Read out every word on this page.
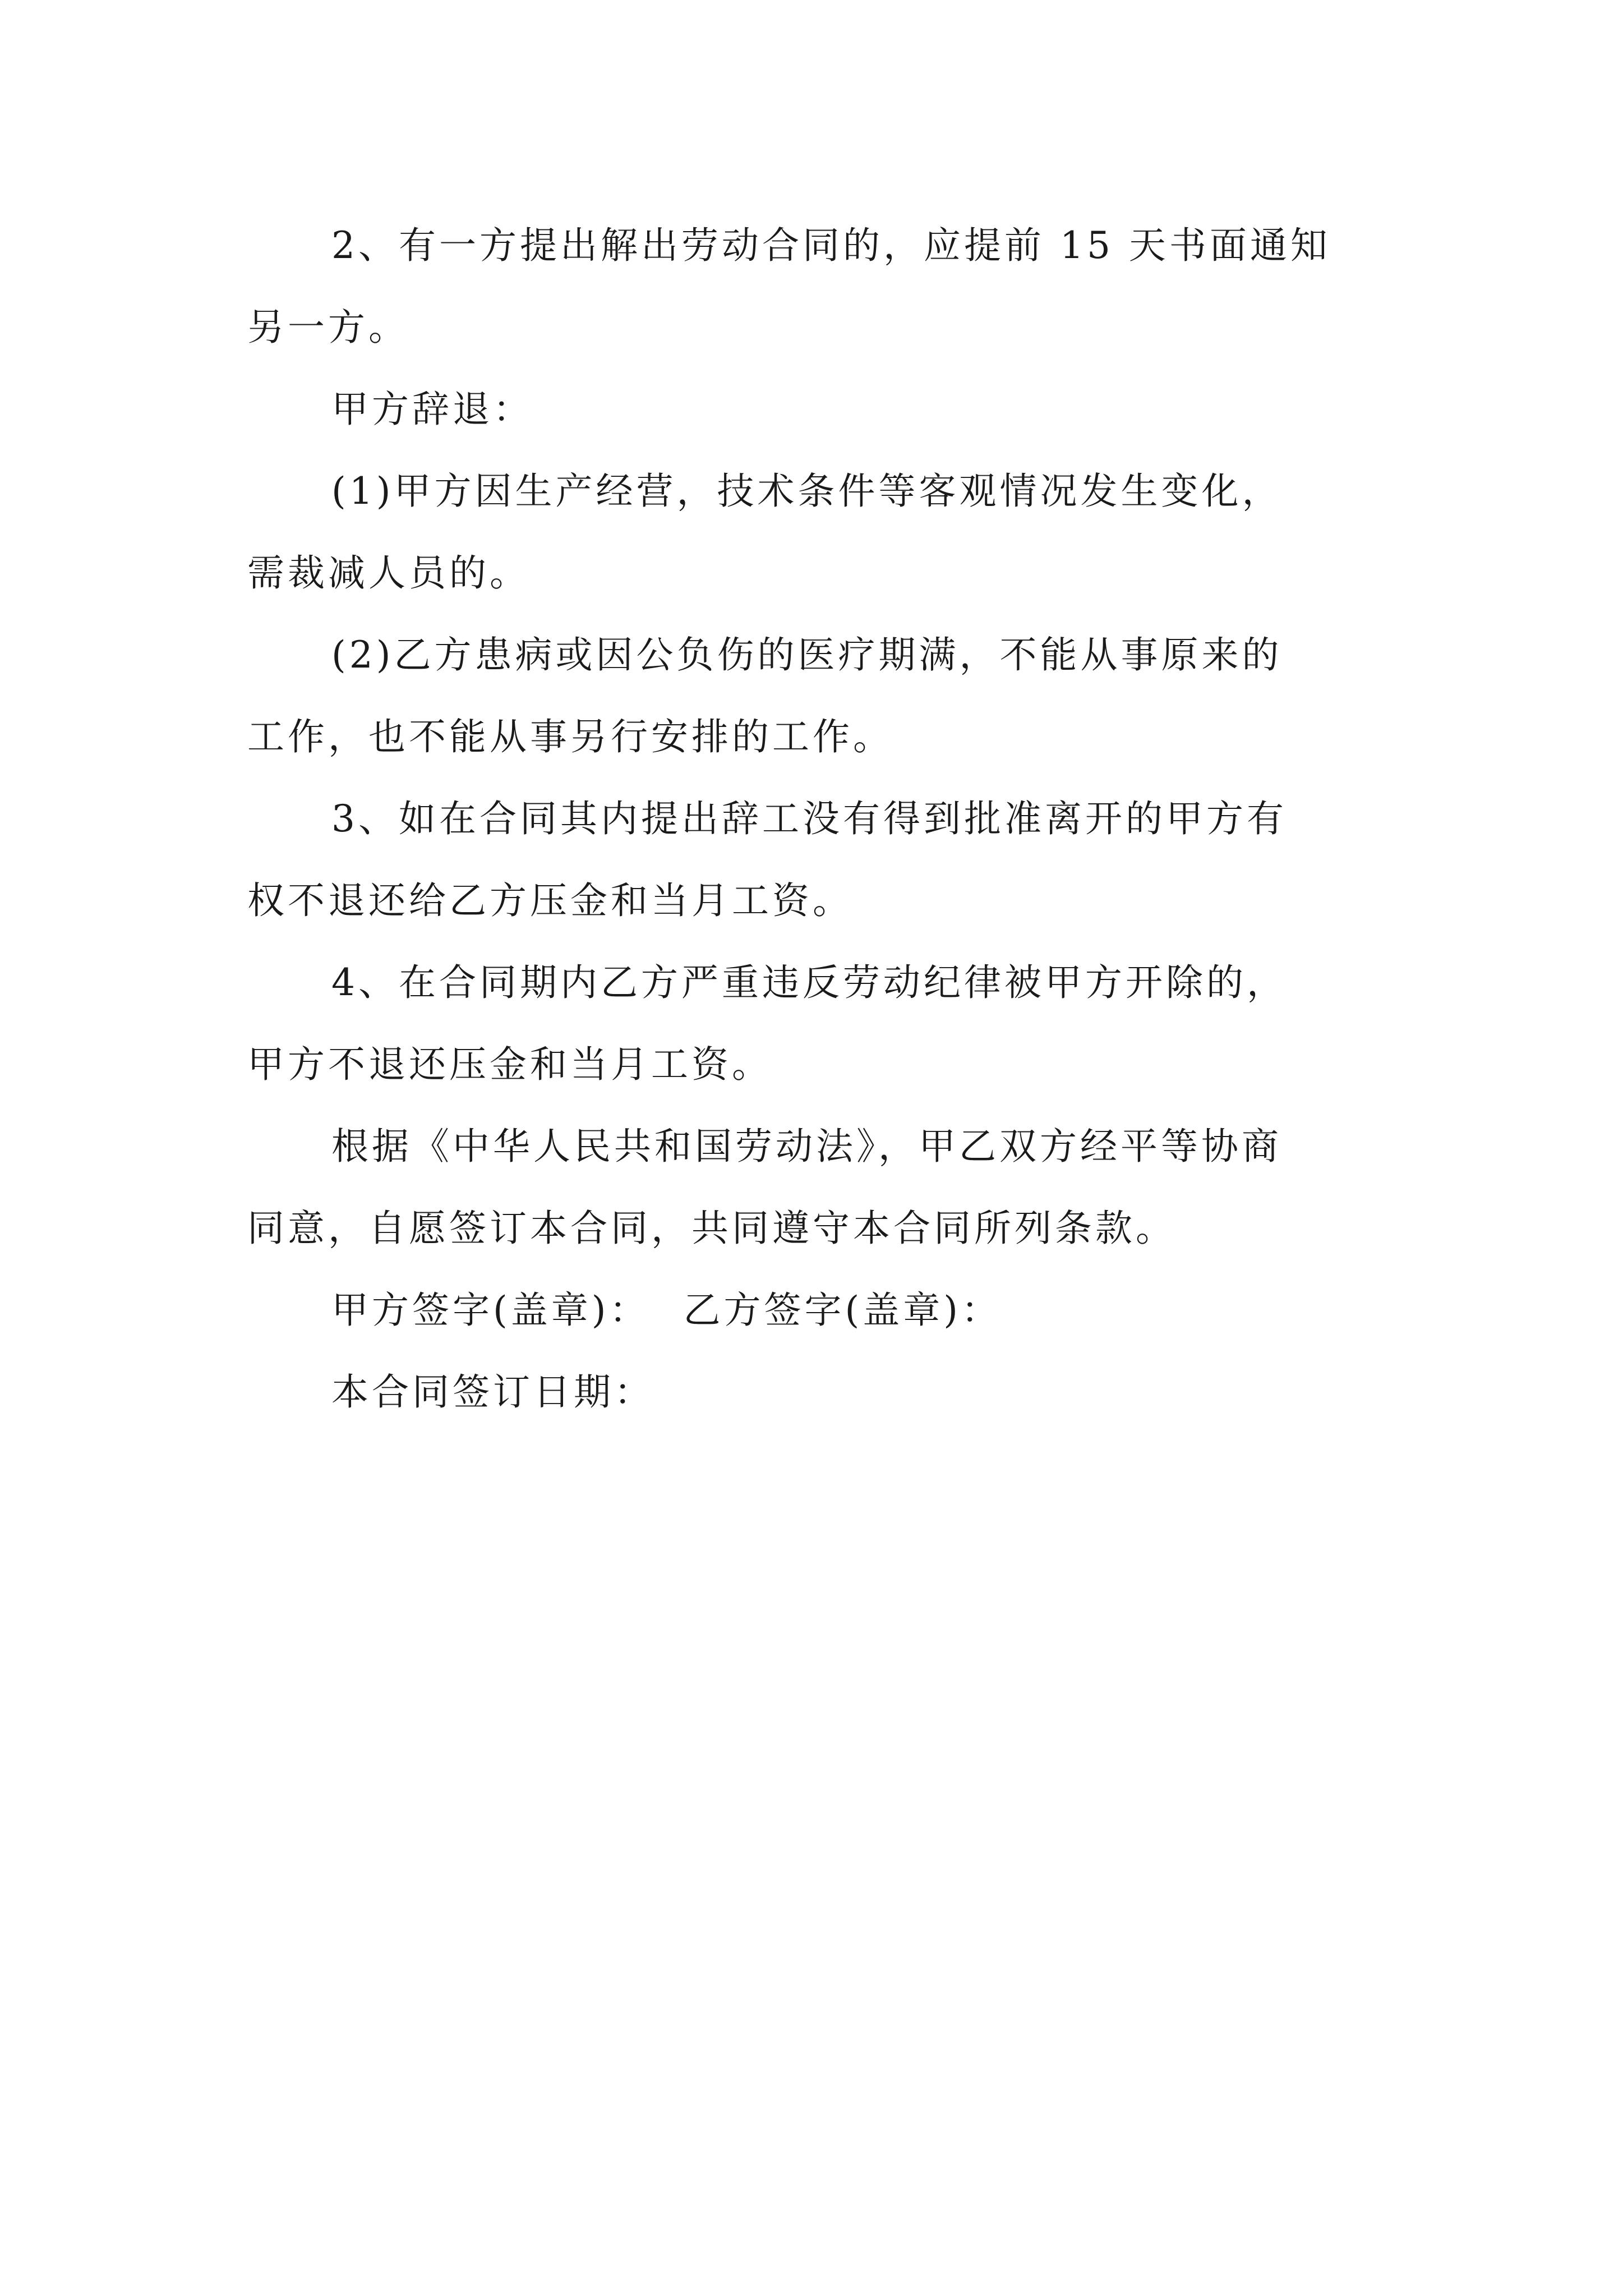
2、有一方提出解出劳动合同的，应提前 15 天书面通知
另一方。

甲方辞退：

(1)甲方因生产经营，技术条件等客观情况发生变化，
需裁减人员的。

(2)乙方患病或因公负伤的医疗期满，不能从事原来的
工作，也不能从事另行安排的工作。

3、如在合同其内提出辞工没有得到批准离开的甲方有
权不退还给乙方压金和当月工资。

4、在合同期内乙方严重违反劳动纪律被甲方开除的，
甲方不退还压金和当月工资。

根据《中华人民共和国劳动法》，甲乙双方经平等协商
同意，自愿签订本合同，共同遵守本合同所列条款。

甲方签字(盖章)： 乙方签字(盖章)：

本合同签订日期：
